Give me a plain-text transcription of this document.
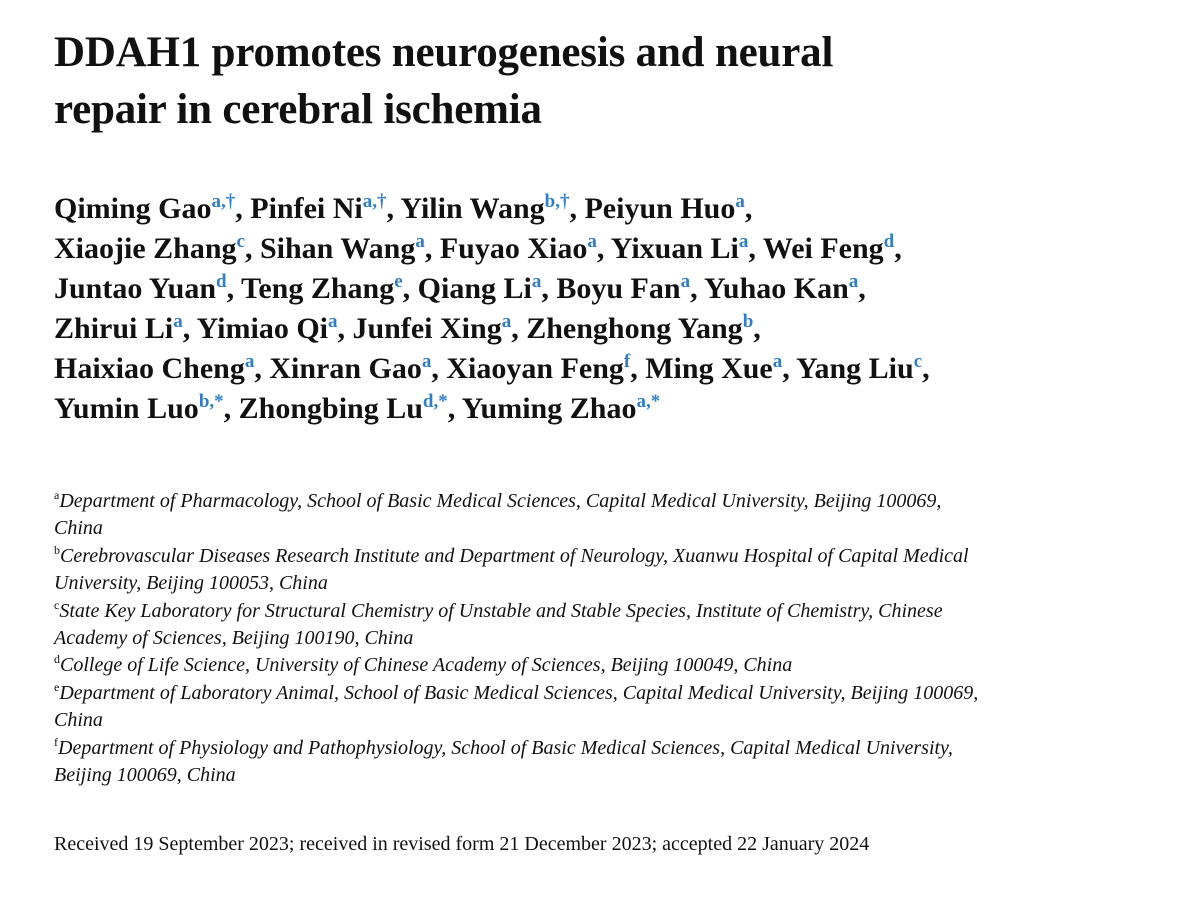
DDAH1 promotes neurogenesis and neural
repair in cerebral ischemia
Qiming Gao$^{a,\dagger}$, Pinfei $Ni^{a,\dagger}$, Yilin Wang$^{b,\dagger}$, Peiyun Huo$^a$,
Xiaojie Zhang$^c$, Sihan Wang$^a$, Fuyao Xiao$^a$, Yixuan Li$^a$, Wei Feng$^d$,
Juntao Yuan$^d$, Teng Zhang$^e$, Qiang Li$^a$, Boyu Fan$^a$, Yuhao Kan$^a$,
Zhirui Li$^a$, Yimiao Qi$^a$, Junfei Xing$^a$, Zhenghong Yang$^b$,
Haixiao Cheng$^a$, Xinran Gao$^a$, Xiaoyan Feng$^f$, Ming Xue$^a$, Yang Liu$^c$,
Yumin Luo$^{b,*}$, Zhongbing $Lu^{d,*}$, Yuming Zhao$^{a,*}$
$^a$Department of Pharmacology, School of Basic Medical Sciences, Capital Medical University, Beijing 100069,
China
$^b$Cerebrovascular Diseases Research Institute and Department of Neurology, Xuanwu Hospital of Capital Medical
University, Beijing 100053, China
$^c$State Key Laboratory for Structural Chemistry of Unstable and Stable Species, Institute of Chemistry, Chinese
Academy of Sciences, Beijing 100190, China
$^d$College of Life Science, University of Chinese Academy of Sciences, Beijing 100049, China
$^e$Department of Laboratory Animal, School of Basic Medical Sciences, Capital Medical University, Beijing 100069,
China
$^f$Department of Physiology and Pathophysiology, School of Basic Medical Sciences, Capital Medical University,
Beijing 100069, China
Received 19 September 2023; received in revised form 21 December 2023; accepted 22 January 2024
